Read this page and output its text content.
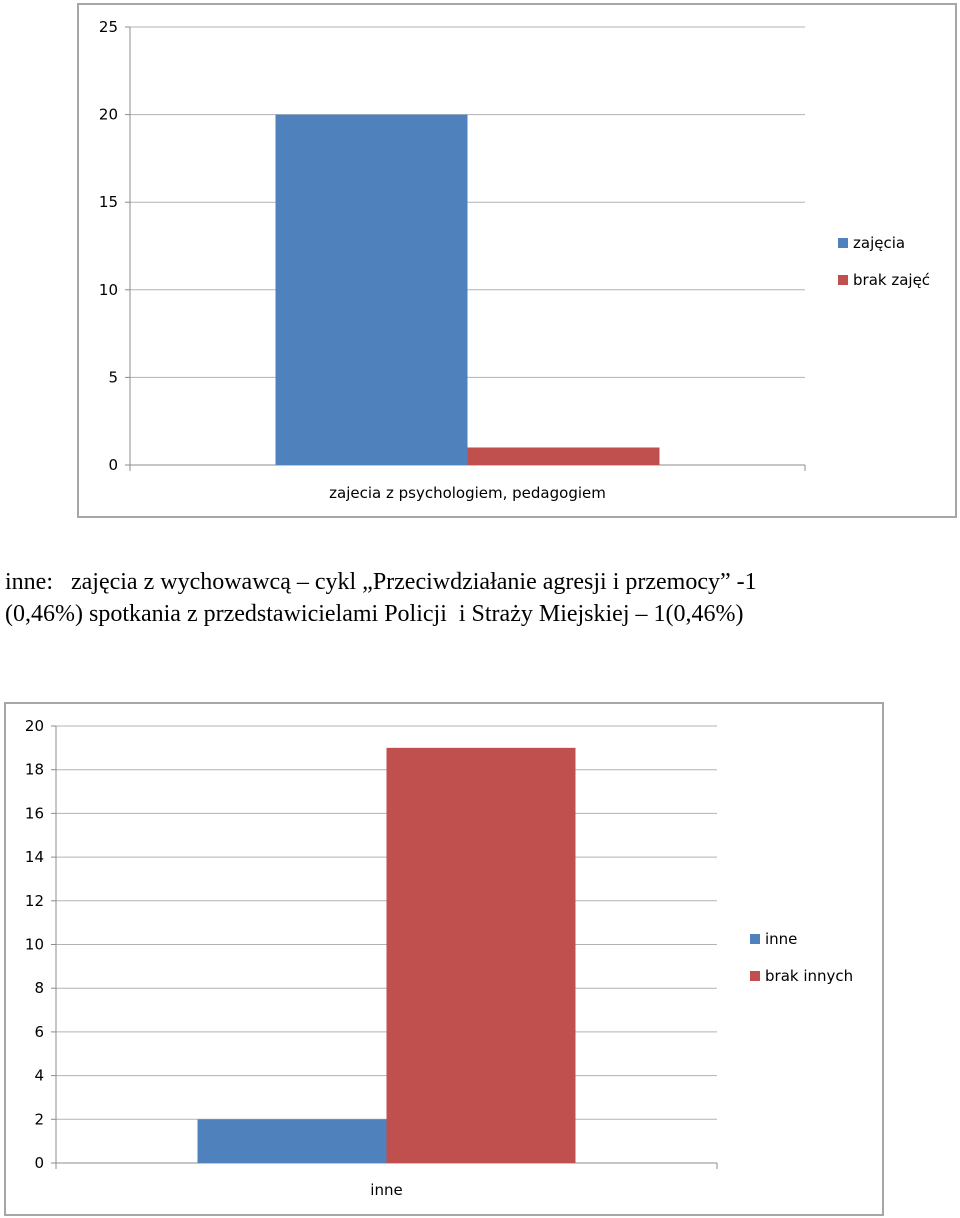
0
5
10
15
20
25
zajecia z psychologiem, pedagogiem
zajęcia
brak zajęć

inne:   zajęcia z wychowawcą – cykl „Przeciwdziałanie agresji i przemocy” -1
(0,46%) spotkania z przedstawicielami Policji  i Straży Miejskiej – 1(0,46%)

0
2
4
6
8
10
12
14
16
18
20
inne
inne
brak innych
